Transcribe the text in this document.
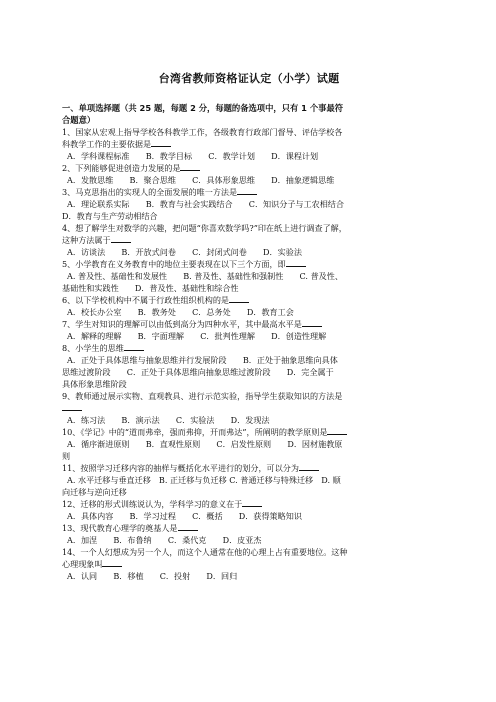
台湾省教师资格证认定（小学）试题
一、单项选择题（共 25 题，每题 2 分，每题的备选项中，只有 1 个事最符
合题意）
1、国家从宏观上指导学校各科教学工作，各级教育行政部门督导、评估学校各
科教学工作的主要依据是
A．学科课程标准　　B．教学目标　　C．教学计划　　D．课程计划
2、下列能够促进创造力发展的是
A．发散思维　　B．聚合思维　　C．具体形象思维　　D．抽象逻辑思维
3、马克思指出的实现人的全面发展的唯一方法是
A．理论联系实际　　B．教育与社会实践结合　　C．知识分子与工农相结合
D．教育与生产劳动相结合
4、想了解学生对数学的兴趣，把问题“你喜欢数学吗?”印在纸上进行调查了解，
这种方法属于
A．访谈法　　B．开放式问卷　　C．封闭式问卷　　D．实验法
5、小学教育在义务教育中的地位主要表现在以下三个方面，即
A. 普及性、基础性和发展性　　B. 普及性、基础性和强制性　　C. 普及性、
基础性和实践性　　D．普及性、基础性和综合性
6、以下学校机构中不属于行政性组织机构的是
A．校长办公室　　B．教务处　　C．总务处　　D．教育工会
7、学生对知识的理解可以由低到高分为四种水平，其中最高水平是
A．解释的理解　　B．字面理解　　C．批判性理解　　D．创造性理解
8、小学生的思维
A．正处于具体思维与抽象思维并行发展阶段　　B．正处于抽象思维向具体
思维过渡阶段　　C．正处于具体思维向抽象思维过渡阶段　　D．完全属于
具体形象思维阶段
9、教师通过展示实物、直观教具、进行示范实验，指导学生获取知识的方法是
A．练习法　　B．演示法　　C．实验法　　D．发现法
10、《学记》中的“道而弗牵，强而弗抑，开而弗达”，所阐明的教学原则是
A．循序渐进原则　　B．直观性原则　　C．启发性原则　　D．因材施教原
则
11、按照学习迁移内容的抽样与概括化水平进行的划分，可以分为
A. 水平迁移与垂直迁移　B. 正迁移与负迁移 C. 普通迁移与特殊迁移　D. 顺
向迁移与逆向迁移
12、迁移的形式训练说认为，学科学习的意义在于
A．具体内容　　B．学习过程　　C．概括　　D．获得策略知识
13、现代教育心理学的奠基人是
A．加涅　　B．布鲁纳　　C．桑代克　　D．皮亚杰
14、一个人幻想成为另一个人，而这个人通常在他的心理上占有重要地位。这种
心理现象叫
A．认同　　B．移植　　C．投射　　D．回归
